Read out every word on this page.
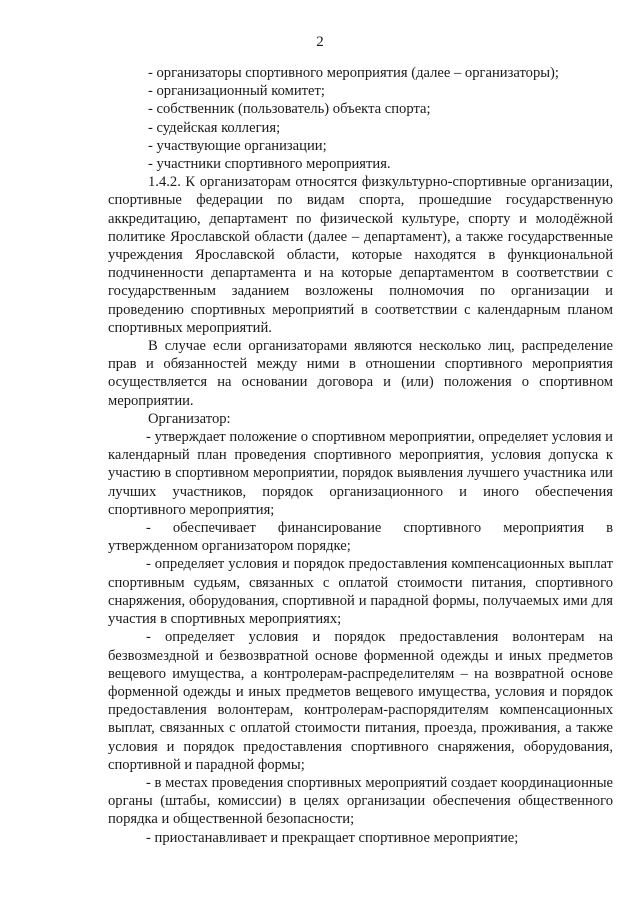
2

- организаторы спортивного мероприятия (далее – организаторы);

- организационный комитет;

- собственник (пользователь) объекта спорта;

- судейская коллегия;

- участвующие организации;

- участники спортивного мероприятия.

1.4.2. К организаторам относятся физкультурно-спортивные организации, спортивные федерации по видам спорта, прошедшие государственную аккредитацию, департамент по физической культуре, спорту и молодёжной политике Ярославской области (далее – департамент), а также государственные учреждения Ярославской области, которые находятся в функциональной подчиненности департамента и на которые департаментом в соответствии с государственным заданием возложены полномочия по организации и проведению спортивных мероприятий в соответствии с календарным планом спортивных мероприятий.

В случае если организаторами являются несколько лиц, распределение прав и обязанностей между ними в отношении спортивного мероприятия осуществляется на основании договора и (или) положения о спортивном мероприятии.

Организатор:

- утверждает положение о спортивном мероприятии, определяет условия и календарный план проведения спортивного мероприятия, условия допуска к участию в спортивном мероприятии, порядок выявления лучшего участника или лучших участников, порядок организационного и иного обеспечения спортивного мероприятия;

- обеспечивает финансирование спортивного мероприятия в утвержденном организатором порядке;

- определяет условия и порядок предоставления компенсационных выплат спортивным судьям, связанных с оплатой стоимости питания, спортивного снаряжения, оборудования, спортивной и парадной формы, получаемых ими для участия в спортивных мероприятиях;

- определяет условия и порядок предоставления волонтерам на безвозмездной и безвозвратной основе форменной одежды и иных предметов вещевого имущества, а контролерам-распределителям – на возвратной основе форменной одежды и иных предметов вещевого имущества, условия и порядок предоставления волонтерам, контролерам-распорядителям компенсационных выплат, связанных с оплатой стоимости питания, проезда, проживания, а также условия и порядок предоставления спортивного снаряжения, оборудования, спортивной и парадной формы;

- в местах проведения спортивных мероприятий создает координационные органы (штабы, комиссии) в целях организации обеспечения общественного порядка и общественной безопасности;

- приостанавливает и прекращает спортивное мероприятие;
